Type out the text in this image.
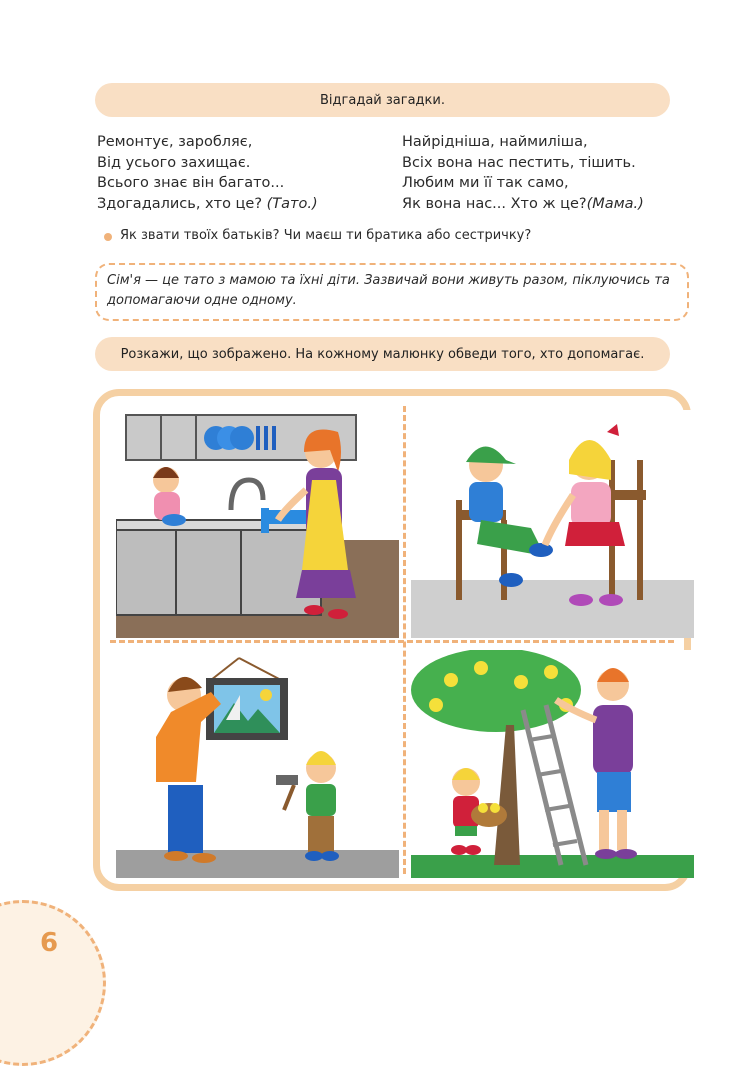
Відгадай загадки.
Ремонтує, заробляє,
Від усього захищає.
Всього знає він багато...
Здогадались, хто це? (Тато.)
Найрідніша, наймиліша,
Всіх вона нас пестить, тішить.
Любим ми її так само,
Як вона нас... Хто ж це?(Мама.)
Як звати твоїх батьків? Чи маєш ти братика або сестричку?
Сім'я — це тато з мамою та їхні діти. Зазвичай вони живуть разом, піклуючись та допомагаючи одне одному.
Розкажи, що зображено. На кожному малюнку обведи того, хто допомагає.
6
